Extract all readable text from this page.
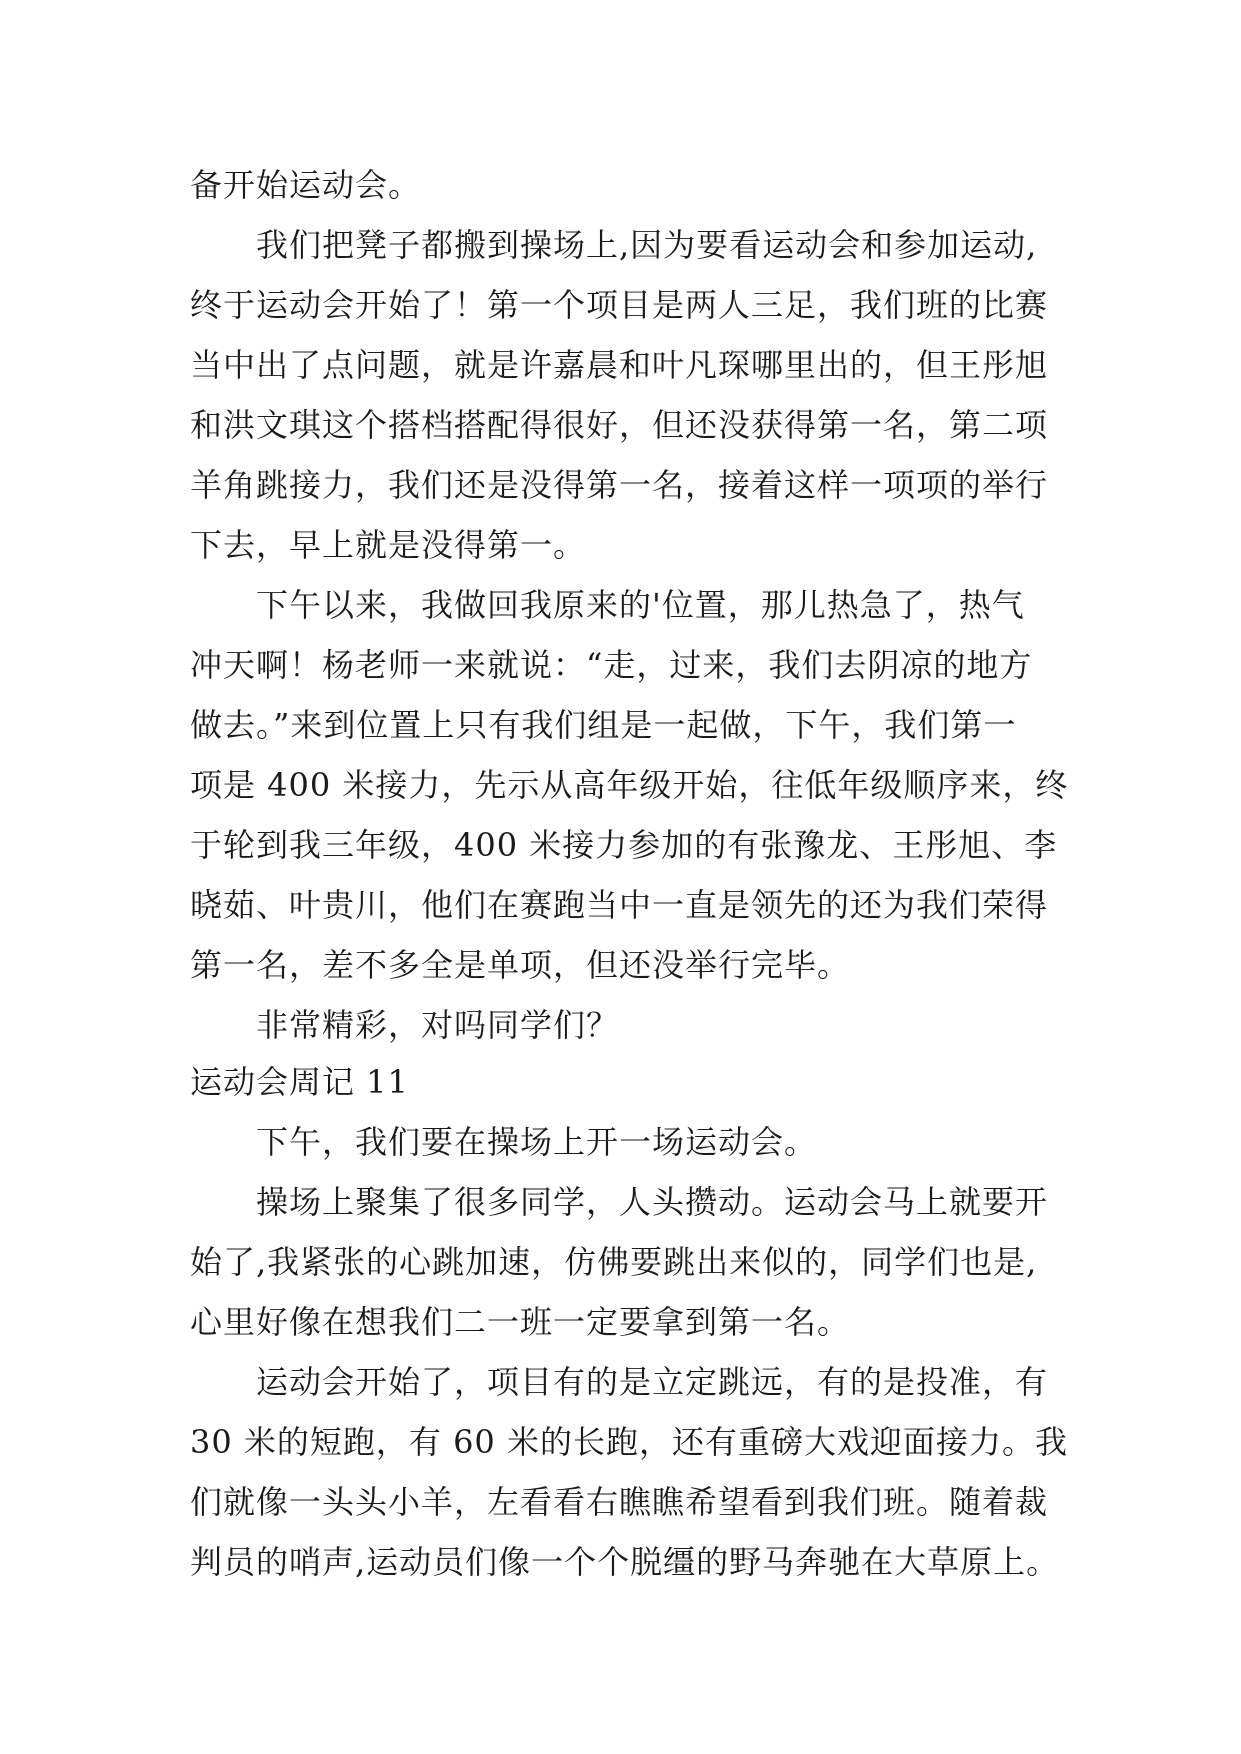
备开始运动会。
我们把凳子都搬到操场上,因为要看运动会和参加运动,
终于运动会开始了！第一个项目是两人三足，我们班的比赛
当中出了点问题，就是许嘉晨和叶凡琛哪里出的，但王彤旭
和洪文琪这个搭档搭配得很好，但还没获得第一名，第二项
羊角跳接力，我们还是没得第一名，接着这样一项项的举行
下去，早上就是没得第一。
下午以来，我做回我原来的'位置，那儿热急了，热气
冲天啊！杨老师一来就说：“走，过来，我们去阴凉的地方
做去。”来到位置上只有我们组是一起做，下午，我们第一
项是 400 米接力，先示从高年级开始，往低年级顺序来，终
于轮到我三年级，400 米接力参加的有张豫龙、王彤旭、李
晓茹、叶贵川，他们在赛跑当中一直是领先的还为我们荣得
第一名，差不多全是单项，但还没举行完毕。
非常精彩，对吗同学们？
运动会周记 11
下午，我们要在操场上开一场运动会。
操场上聚集了很多同学，人头攒动。运动会马上就要开
始了,我紧张的心跳加速，仿佛要跳出来似的，同学们也是,
心里好像在想我们二一班一定要拿到第一名。
运动会开始了，项目有的是立定跳远，有的是投准，有
30 米的短跑，有 60 米的长跑，还有重磅大戏迎面接力。我
们就像一头头小羊，左看看右瞧瞧希望看到我们班。随着裁
判员的哨声,运动员们像一个个脱缰的野马奔驰在大草原上。
